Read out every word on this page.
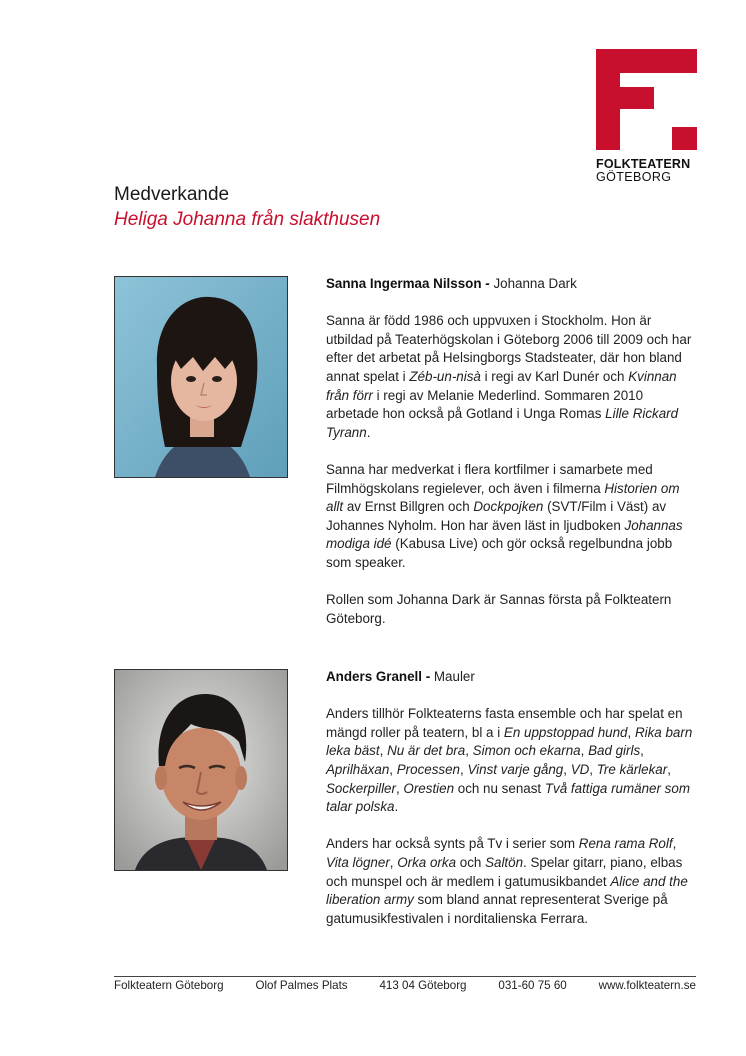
FOLKTEATERN
GÖTEBORG
Medverkande
Heliga Johanna från slakthusen
Sanna Ingermaa Nilsson - Johanna Dark

Sanna är född 1986 och uppvuxen i Stockholm. Hon är utbildad på Teaterhögskolan i Göteborg 2006 till 2009 och har efter det arbetat på Helsingborgs Stadsteater, där hon bland annat spelat i Zéb-un-nisà i regi av Karl Dunér och Kvinnan från förr i regi av Melanie Mederlind. Sommaren 2010 arbetade hon också på Gotland i Unga Romas Lille Rickard Tyrann.

Sanna har medverkat i flera kortfilmer i samarbete med Filmhögskolans regielever, och även i filmerna Historien om allt av Ernst Billgren och Dockpojken (SVT/Film i Väst) av Johannes Nyholm. Hon har även läst in ljudboken Johannas modiga idé (Kabusa Live) och gör också regelbundna jobb som speaker.

Rollen som Johanna Dark är Sannas första på Folkteatern Göteborg.

Anders Granell - Mauler

Anders tillhör Folkteaterns fasta ensemble och har spelat en mängd roller på teatern, bl a i En uppstoppad hund, Rika barn leka bäst, Nu är det bra, Simon och ekarna, Bad girls, Aprilhäxan, Processen, Vinst varje gång, VD, Tre kärlekar, Sockerpiller, Orestien och nu senast Två fattiga rumäner som talar polska.

Anders har också synts på Tv i serier som Rena rama Rolf, Vita lögner, Orka orka och Saltön. Spelar gitarr, piano, elbas och munspel och är medlem i gatumusikbandet Alice and the liberation army som bland annat representerat Sverige på gatumusikfestivalen i norditalienska Ferrara.

Folkteatern Göteborg	Olof Palmes Plats	413 04 Göteborg	031-60 75 60	www.folkteatern.se
